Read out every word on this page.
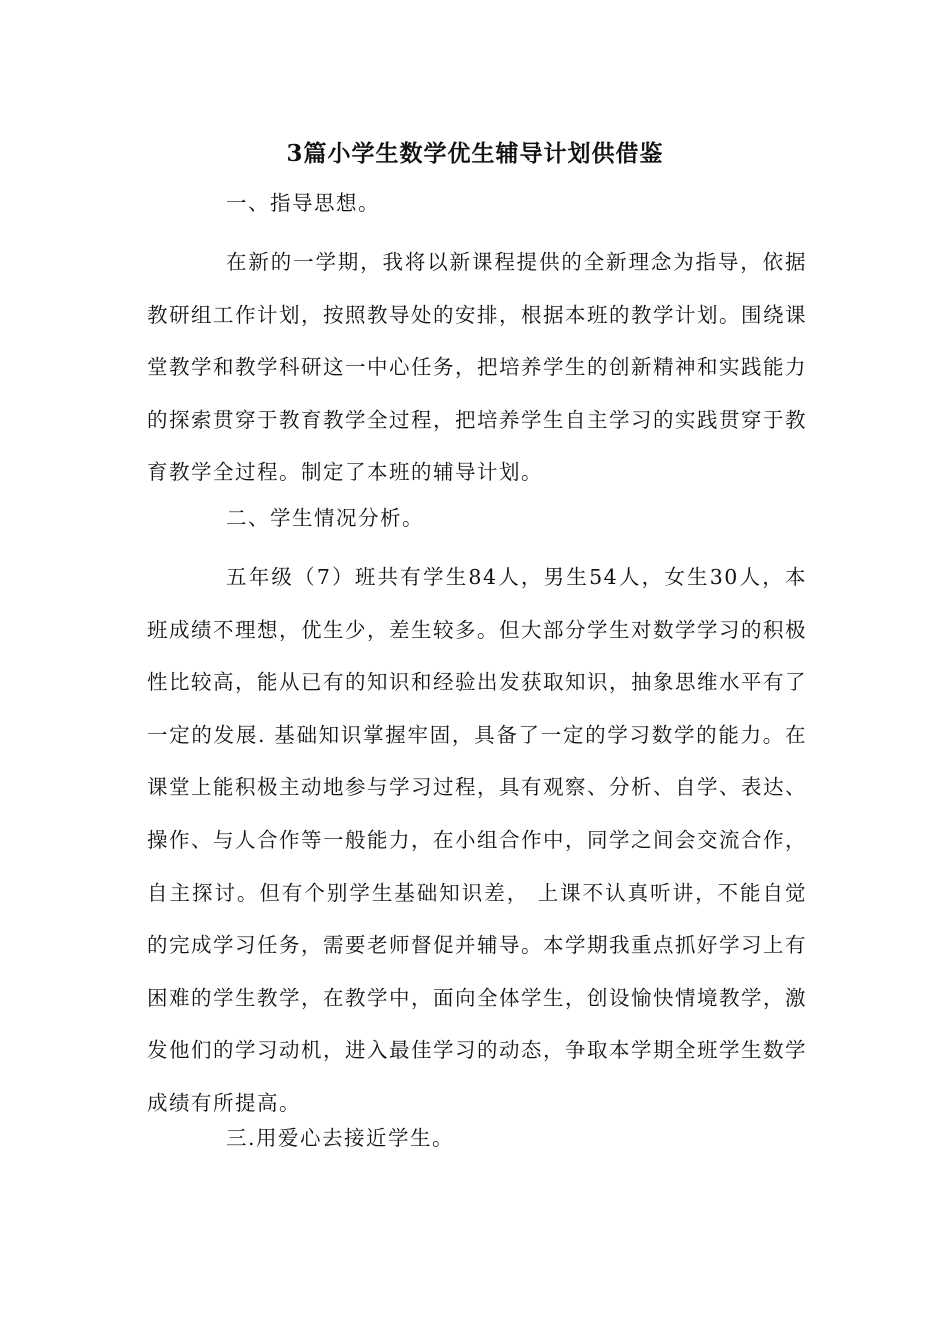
3篇小学生数学优生辅导计划供借鉴

一、指导思想。

在新的一学期，我将以新课程提供的全新理念为指导，依据教研组工作计划，按照教导处的安排，根据本班的教学计划。围绕课堂教学和教学科研这一中心任务，把培养学生的创新精神和实践能力的探索贯穿于教育教学全过程，把培养学生自主学习的实践贯穿于教育教学全过程。制定了本班的辅导计划。

二、学生情况分析。

五年级（7）班共有学生84人，男生54人，女生30人，本班成绩不理想，优生少，差生较多。但大部分学生对数学学习的积极性比较高，能从已有的知识和经验出发获取知识，抽象思维水平有了一定的发展. 基础知识掌握牢固，具备了一定的学习数学的能力。在课堂上能积极主动地参与学习过程，具有观察、分析、自学、表达、操作、与人合作等一般能力，在小组合作中，同学之间会交流合作，自主探讨。但有个别学生基础知识差， 上课不认真听讲，不能自觉的完成学习任务，需要老师督促并辅导。本学期我重点抓好学习上有困难的学生教学，在教学中，面向全体学生，创设愉快情境教学，激发他们的学习动机，进入最佳学习的动态，争取本学期全班学生数学成绩有所提高。

三.用爱心去接近学生。
